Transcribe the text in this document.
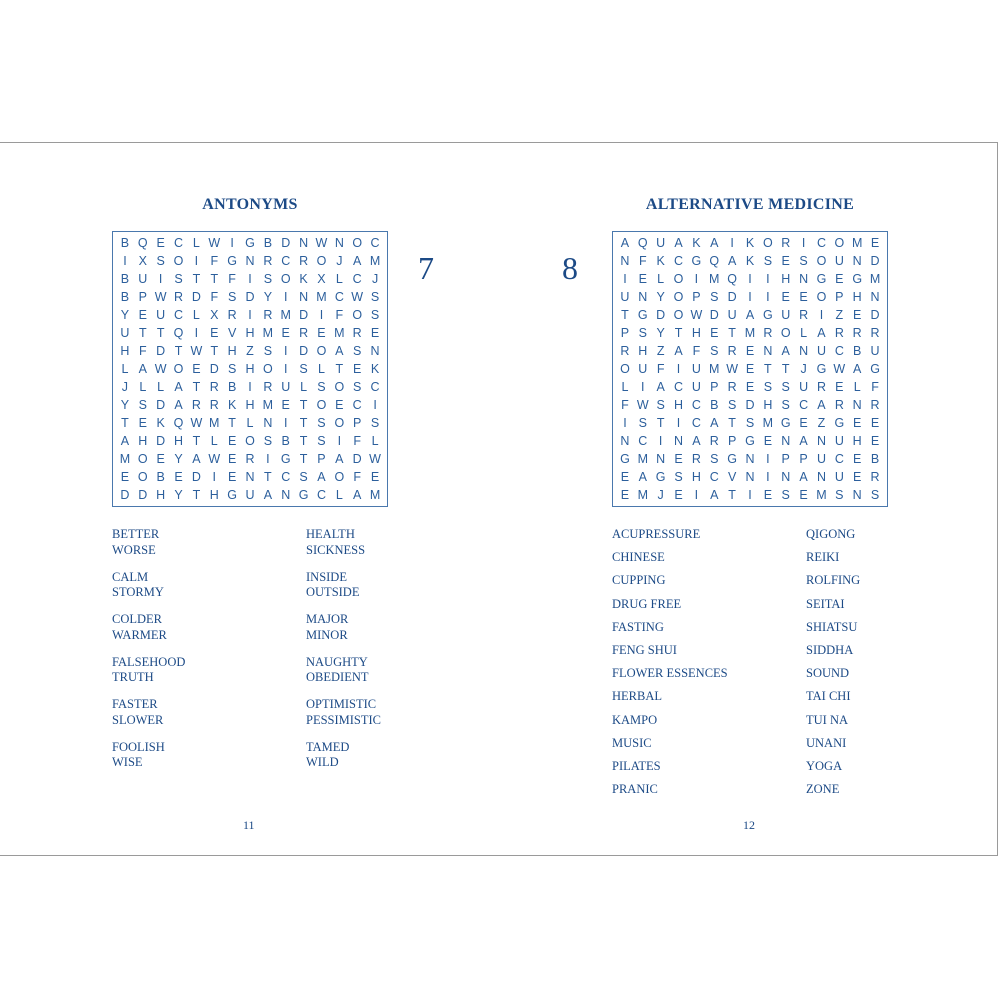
ANTONYMS
B Q E C L W I G B D N W N O C
I X S O I F G N R C R O J A M
B U I S T T F I S O K X L C J
B P W R D F S D Y I N M C W S
Y E U C L X R I R M D I F O S
U T T Q I E V H M E R E M R E
H F D T W T H Z S I D O A S N
L A W O E D S H O I S L T E K
J L L A T R B I R U L S O S C
Y S D A R R K H M E T O E C I
T E K Q W M T L N I T S O P S
A H D H T L E O S B T S I F L
M O E Y A W E R I G T P A D W
E O B E D I E N T C S A O F E
D D H Y T H G U A N G C L A M
7
BETTER
WORSE
CALM
STORMY
COLDER
WARMER
FALSEHOOD
TRUTH
FASTER
SLOWER
FOOLISH
WISE
HEALTH
SICKNESS
INSIDE
OUTSIDE
MAJOR
MINOR
NAUGHTY
OBEDIENT
OPTIMISTIC
PESSIMISTIC
TAMED
WILD
11
ALTERNATIVE MEDICINE
A Q U A K A I K O R I C O M E
N F K C G Q A K S E S O U N D
I E L O I M Q I	I H N G E G M
U N Y O P S D I	I E E O P H N
T G D O W D U A G U R I Z E D
P S Y T H E T M R O L A R R R
R H Z A F S R E N A N U C B U
O U F I U M W E T T J G W A G
L	I A C U P R E S S U R E L F
F W S H C B S D H S C A R N R
I S T I C A T S M G E Z G E E
N C I N A R P G E N A N U H E
G M N E R S G N I P P U C E B
E A G S H C V N I N A N U E R
E M J E I A T I E S E M S N S
8
ACUPRESSURE
CHINESE
CUPPING
DRUG FREE
FASTING
FENG SHUI
FLOWER ESSENCES
HERBAL
KAMPO
MUSIC
PILATES
PRANIC
QIGONG
REIKI
ROLFING
SEITAI
SHIATSU
SIDDHA
SOUND
TAI CHI
TUI NA
UNANI
YOGA
ZONE
12
